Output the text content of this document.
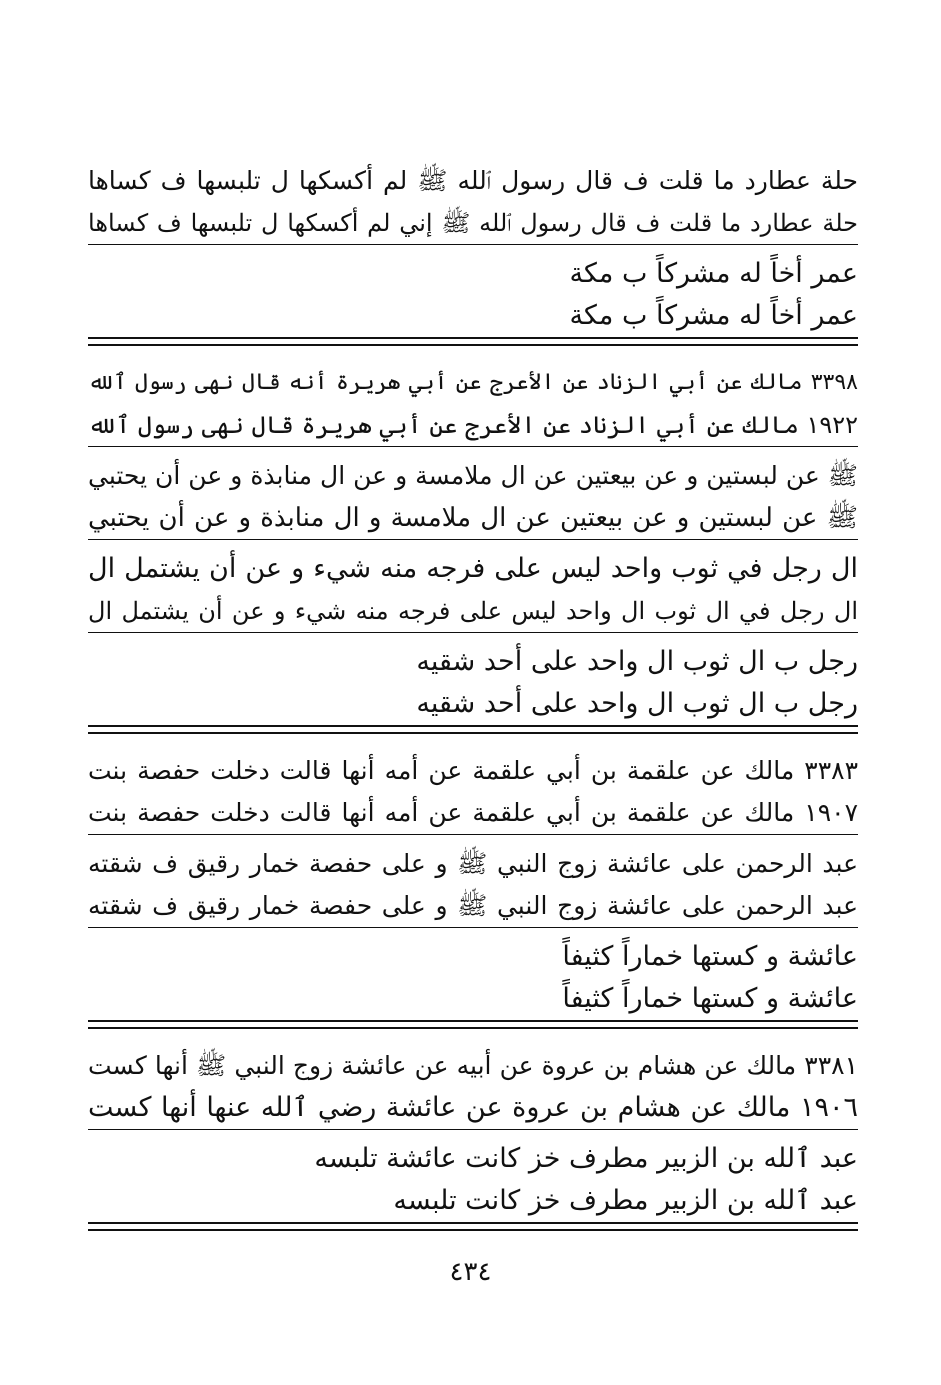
حلة عطارد ما قلت ف قال رسول ٱلله ﷺ لم أكسكها ل تلبسها ف كساها
حلة عطارد ما قلت ف قال رسول ٱلله ﷺ إني لم أكسكها ل تلبسها ف كساها
عمر أخاً له مشركاً ب مكة
عمر أخاً له مشركاً ب مكة
٣٣٩٨ مالك عن أبي الزناد عن الأعرج عن أبي هريرة أنه قال نهى رسول ٱلله
١٩٢٢ مالك عن أبي الزناد عن الأعرج عن أبي هريرة قال نهى رسول ٱلله
ﷺ عن لبستين و عن بيعتين عن ال ملامسة و عن ال منابذة و عن أن يحتبي
ﷺ عن لبستين و عن بيعتين عن ال ملامسة و ال منابذة و عن أن يحتبي
ال رجل في ثوب واحد ليس على فرجه منه شيء و عن أن يشتمل ال
ال رجل في ال ثوب ال واحد ليس على فرجه منه شيء و عن أن يشتمل ال
رجل ب ال ثوب ال واحد على أحد شقيه
رجل ب ال ثوب ال واحد على أحد شقيه
٣٣٨٣ مالك عن علقمة بن أبي علقمة عن أمه أنها قالت دخلت حفصة بنت
١٩٠٧ مالك عن علقمة بن أبي علقمة عن أمه أنها قالت دخلت حفصة بنت
عبد الرحمن على عائشة زوج النبي ﷺ و على حفصة خمار رقيق ف شقته
عبد الرحمن على عائشة زوج النبي ﷺ و على حفصة خمار رقيق ف شقته
عائشة و كستها خماراً كثيفاً
عائشة و كستها خماراً كثيفاً
٣٣٨١ مالك عن هشام بن عروة عن أبيه عن عائشة زوج النبي ﷺ أنها كست
١٩٠٦ مالك عن هشام بن عروة عن عائشة رضي ٱلله عنها أنها كست
عبد ٱلله بن الزبير مطرف خز كانت عائشة تلبسه
عبد ٱلله بن الزبير مطرف خز كانت تلبسه
٤٣٤
